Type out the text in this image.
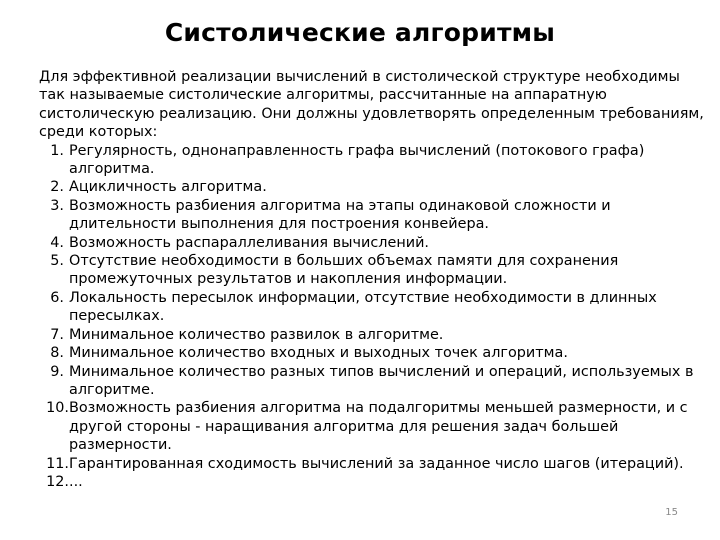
Систолические алгоритмы

Для эффективной реализации вычислений в систолической структуре необходимы так называемые систолические алгоритмы, рассчитанные на аппаратную систолическую реализацию. Они должны удовлетворять определенным требованиям, среди которых:

1. Регулярность, однонаправленность графа вычислений (потокового графа) алгоритма.
2. Ацикличность алгоритма.
3. Возможность разбиения алгоритма на этапы одинаковой сложности и длительности выполнения для построения конвейера.
4. Возможность распараллеливания вычислений.
5. Отсутствие необходимости в больших объемах памяти для сохранения промежуточных результатов и накопления информации.
6. Локальность пересылок информации, отсутствие необходимости в длинных пересылках.
7. Минимальное количество развилок в алгоритме.
8. Минимальное количество входных и выходных точек алгоритма.
9. Минимальное количество разных типов вычислений и операций, используемых в алгоритме.
10. Возможность разбиения алгоритма на подалгоритмы меньшей размерности, и с другой стороны - наращивания алгоритма для решения задач большей размерности.
11. Гарантированная сходимость вычислений за заданное число шагов (итераций).
12. ...
15
